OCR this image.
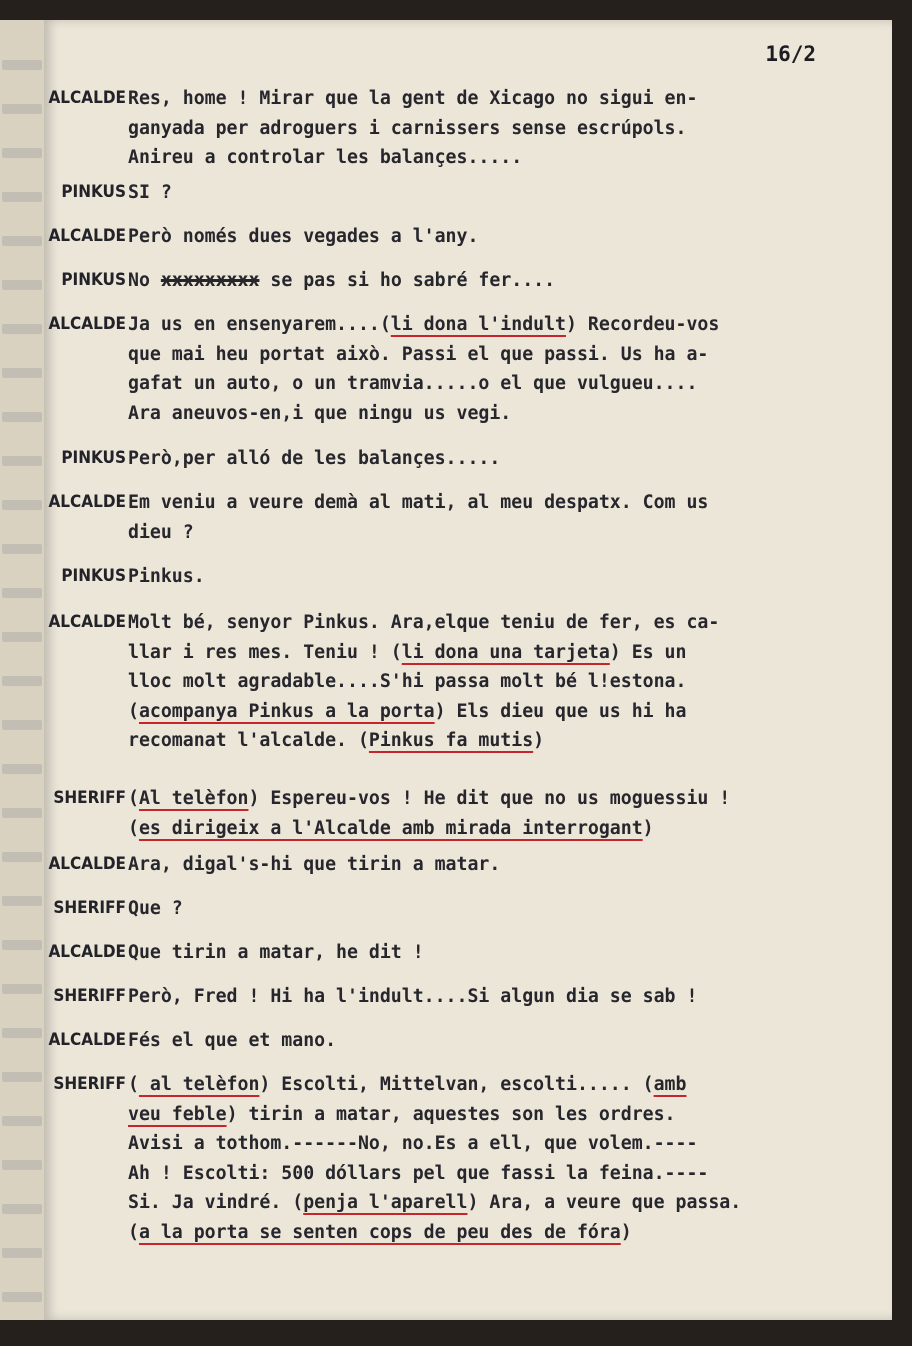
16/2
ALCALDE Res, home ! Mirar que la gent de Xicago no sigui en-
ganyada per adroguers i carnissers sense escrúpols.
Anireu a controlar les balançes.....
PINKUS SI ?
ALCALDE Però només dues vegades a l'any.
PINKUS No xxxxxxxxx se pas si ho sabré fer....
ALCALDE Ja us en ensenyarem....(li dona l'indult) Recordeu-vos
que mai heu portat això. Passi el que passi. Us ha a-
gafat un auto, o un tramvia.....o el que vulgueu....
Ara aneuvos-en,i que ningu us vegi.
PINKUS Però,per alló de les balançes.....
ALCALDE Em veniu a veure demà al mati, al meu despatx. Com us
dieu ?
PINKUS Pinkus.
ALCALDE Molt bé, senyor Pinkus. Ara,elque teniu de fer, es ca-
llar i res mes. Teniu ! (li dona una tarjeta) Es un
lloc molt agradable....S'hi passa molt bé l!estona.
(acompanya Pinkus a la porta) Els dieu que us hi ha
recomanat l'alcalde. (Pinkus fa mutis)
SHERIFF (Al telèfon) Espereu-vos ! He dit que no us moguessiu !
(es dirigeix a l'Alcalde amb mirada interrogant)
ALCALDE Ara, digal's-hi que tirin a matar.
SHERIFF Que ?
ALCALDE Que tirin a matar, he dit !
SHERIFF Però, Fred ! Hi ha l'indult....Si algun dia se sab !
ALCALDE Fés el que et mano.
SHERIFF ( al telèfon) Escolti, Mittelvan, escolti..... (amb
veu feble) tirin a matar, aquestes son les ordres.
Avisi a tothom.------No, no.Es a ell, que volem.----
Ah ! Escolti: 500 dóllars pel que fassi la feina.----
Si. Ja vindré. (penja l'aparell) Ara, a veure que passa.
(a la porta se senten cops de peu des de fóra)
